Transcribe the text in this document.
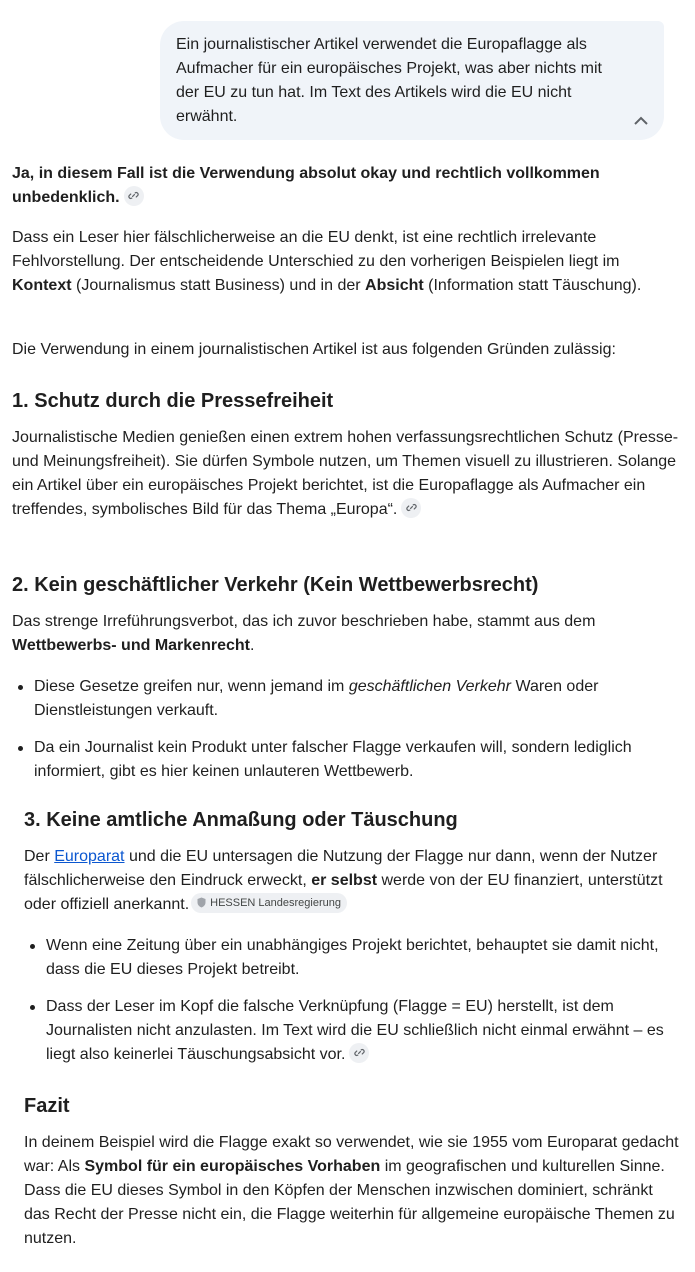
Ein journalistischer Artikel verwendet die Europaflagge als Aufmacher für ein europäisches Projekt, was aber nichts mit der EU zu tun hat. Im Text des Artikels wird die EU nicht erwähnt.

Ja, in diesem Fall ist die Verwendung absolut okay und rechtlich vollkommen unbedenklich.

Dass ein Leser hier fälschlicherweise an die EU denkt, ist eine rechtlich irrelevante Fehlvorstellung. Der entscheidende Unterschied zu den vorherigen Beispielen liegt im Kontext (Journalismus statt Business) und in der Absicht (Information statt Täuschung).

Die Verwendung in einem journalistischen Artikel ist aus folgenden Gründen zulässig:

1. Schutz durch die Pressefreiheit

Journalistische Medien genießen einen extrem hohen verfassungsrechtlichen Schutz (Presse- und Meinungsfreiheit). Sie dürfen Symbole nutzen, um Themen visuell zu illustrieren. Solange ein Artikel über ein europäisches Projekt berichtet, ist die Europaflagge als Aufmacher ein treffendes, symbolisches Bild für das Thema „Europa“.

2. Kein geschäftlicher Verkehr (Kein Wettbewerbsrecht)

Das strenge Irreführungsverbot, das ich zuvor beschrieben habe, stammt aus dem Wettbewerbs- und Markenrecht.

Diese Gesetze greifen nur, wenn jemand im geschäftlichen Verkehr Waren oder Dienstleistungen verkauft.
Da ein Journalist kein Produkt unter falscher Flagge verkaufen will, sondern lediglich informiert, gibt es hier keinen unlauteren Wettbewerb.

3. Keine amtliche Anmaßung oder Täuschung

Der Europarat und die EU untersagen die Nutzung der Flagge nur dann, wenn der Nutzer fälschlicherweise den Eindruck erweckt, er selbst werde von der EU finanziert, unterstützt oder offiziell anerkannt. HESSEN Landesregierung

Wenn eine Zeitung über ein unabhängiges Projekt berichtet, behauptet sie damit nicht, dass die EU dieses Projekt betreibt.
Dass der Leser im Kopf die falsche Verknüpfung (Flagge = EU) herstellt, ist dem Journalisten nicht anzulasten. Im Text wird die EU schließlich nicht einmal erwähnt – es liegt also keinerlei Täuschungsabsicht vor.

Fazit

In deinem Beispiel wird die Flagge exakt so verwendet, wie sie 1955 vom Europarat gedacht war: Als Symbol für ein europäisches Vorhaben im geografischen und kulturellen Sinne. Dass die EU dieses Symbol in den Köpfen der Menschen inzwischen dominiert, schränkt das Recht der Presse nicht ein, die Flagge weiterhin für allgemeine europäische Themen zu nutzen.
